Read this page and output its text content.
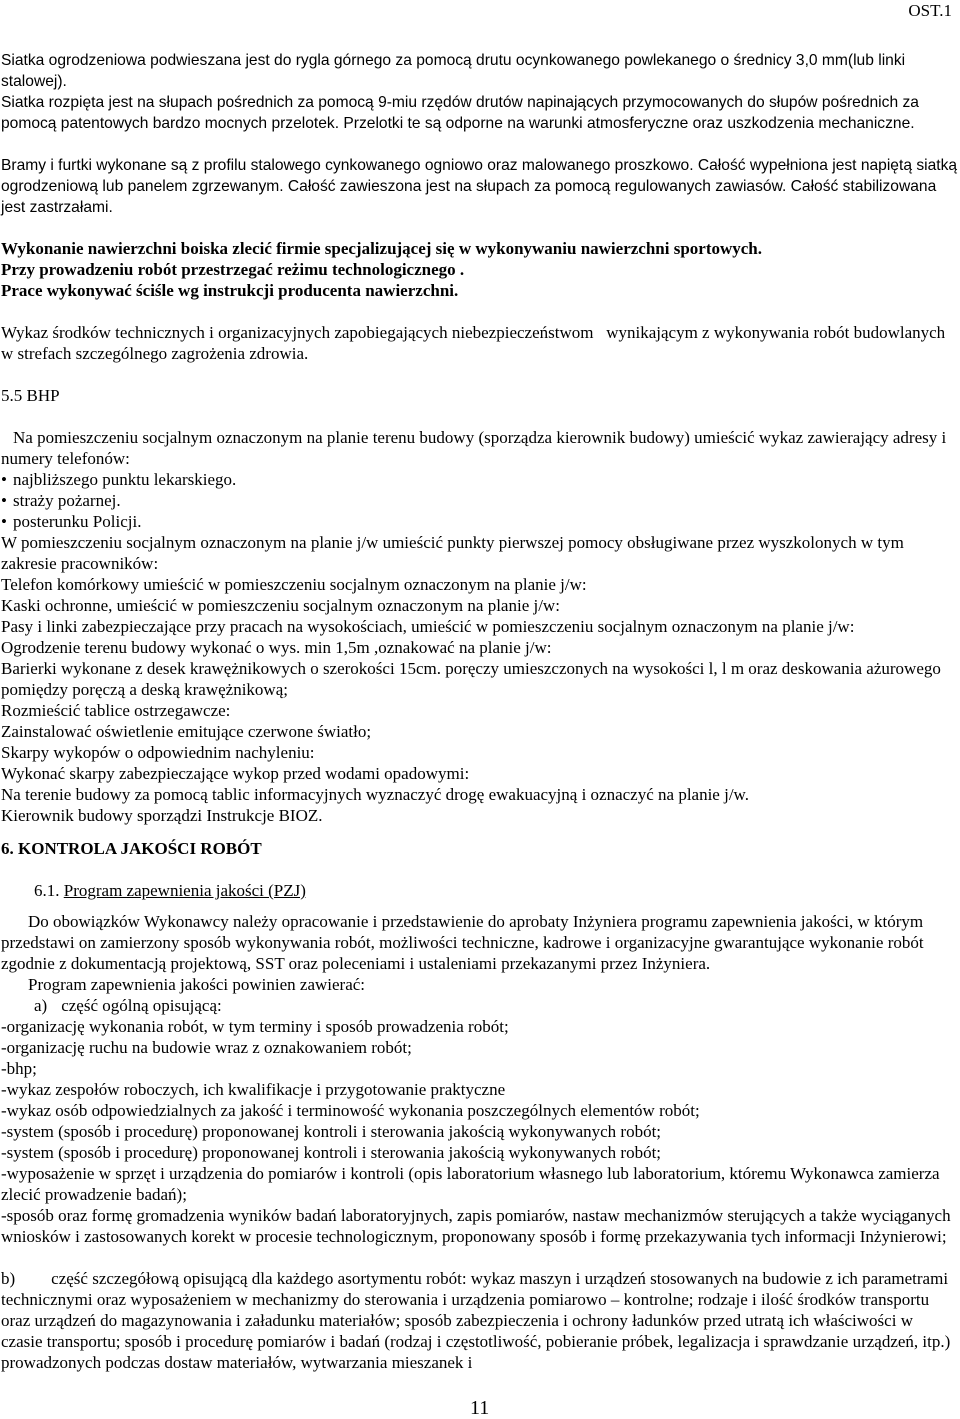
OST.1

Siatka ogrodzeniowa podwieszana jest do rygla górnego za pomocą drutu ocynkowanego powlekanego o średnicy 3,0 mm(lub linki stalowej).

Siatka rozpięta jest na słupach pośrednich za pomocą 9-miu rzędów drutów napinających przymocowanych do słupów pośrednich za pomocą patentowych bardzo mocnych przelotek. Przelotki te są odporne na warunki atmosferyczne oraz uszkodzenia mechaniczne.

Bramy i furtki wykonane są z profilu stalowego cynkowanego ogniowo oraz malowanego proszkowo. Całość wypełniona jest napiętą siatką ogrodzeniową lub panelem zgrzewanym. Całość zawieszona jest na słupach za pomocą regulowanych zawiasów. Całość stabilizowana jest zastrzałami.

Wykonanie nawierzchni boiska zlecić firmie specjalizującej się w wykonywaniu nawierzchni sportowych.
Przy prowadzeniu robót przestrzegać reżimu technologicznego .
Prace wykonywać ściśle wg instrukcji producenta nawierzchni.

Wykaz środków technicznych i organizacyjnych zapobiegających niebezpieczeństwom   wynikającym z wykonywania robót budowlanych  w strefach szczególnego zagrożenia zdrowia.

5.5 BHP
Na pomieszczeniu socjalnym oznaczonym na planie terenu budowy (sporządza kierownik budowy) umieścić wykaz zawierający adresy i numery telefonów:
• najbliższego punktu lekarskiego.
• straży pożarnej.
• posterunku Policji.
W pomieszczeniu socjalnym oznaczonym na planie j/w umieścić punkty pierwszej pomocy obsługiwane przez wyszkolonych w tym zakresie pracowników:
Telefon komórkowy umieścić w pomieszczeniu socjalnym oznaczonym na planie j/w:
Kaski ochronne, umieścić w pomieszczeniu socjalnym oznaczonym na planie j/w:
Pasy i linki zabezpieczające przy pracach na wysokościach, umieścić w pomieszczeniu socjalnym oznaczonym na planie j/w:
Ogrodzenie terenu budowy wykonać o wys. min 1,5m ,oznakować na planie j/w:
Barierki wykonane z desek krawężnikowych o szerokości 15cm. poręczy umieszczonych na wysokości l, l m oraz deskowania ażurowego pomiędzy poręczą a deską krawężnikową;
Rozmieścić tablice ostrzegawcze:
Zainstalować oświetlenie emitujące czerwone światło;
Skarpy wykopów o odpowiednim nachyleniu:
Wykonać skarpy zabezpieczające wykop przed wodami opadowymi:
Na terenie budowy za pomocą tablic informacyjnych wyznaczyć drogę ewakuacyjną i oznaczyć na planie j/w.
Kierownik budowy sporządzi Instrukcje BIOZ.
6. KONTROLA JAKOŚCI ROBÓT
6.1. Program zapewnienia jakości (PZJ)
Do obowiązków Wykonawcy należy opracowanie i przedstawienie do aprobaty Inżyniera programu zapewnienia jakości, w którym przedstawi on zamierzony sposób wykonywania robót, możliwości techniczne, kadrowe i organizacyjne gwarantujące wykonanie robót zgodnie z dokumentacją projektową, SST oraz poleceniami i ustaleniami przekazanymi przez Inżyniera.
Program zapewnienia jakości powinien zawierać:
a) część ogólną opisującą:
-organizację wykonania robót, w tym terminy i sposób prowadzenia robót;
-organizację ruchu na budowie wraz z oznakowaniem robót;
-bhp;
-wykaz zespołów roboczych, ich kwalifikacje i przygotowanie praktyczne
-wykaz osób odpowiedzialnych za jakość i terminowość wykonania poszczególnych elementów robót;
-system (sposób i procedurę) proponowanej kontroli i sterowania jakością wykonywanych robót;
-system (sposób i procedurę) proponowanej kontroli i sterowania jakością wykonywanych robót;
-wyposażenie w sprzęt i urządzenia do pomiarów i kontroli (opis laboratorium własnego lub laboratorium, któremu Wykonawca zamierza zlecić prowadzenie badań);
-sposób oraz formę gromadzenia wyników badań laboratoryjnych, zapis pomiarów, nastaw mechanizmów sterujących a także wyciąganych wniosków i zastosowanych korekt w procesie technologicznym, proponowany sposób i formę przekazywania tych informacji Inżynierowi;
b) część szczegółową opisującą dla każdego asortymentu robót: wykaz maszyn i urządzeń stosowanych na budowie z ich parametrami technicznymi oraz wyposażeniem w mechanizmy do sterowania i urządzenia pomiarowo – kontrolne; rodzaje i ilość środków transportu oraz urządzeń do magazynowania i załadunku materiałów; sposób zabezpieczenia i ochrony ładunków przed utratą ich właściwości w czasie transportu; sposób i procedurę pomiarów i badań (rodzaj i częstotliwość, pobieranie próbek, legalizacja i sprawdzanie urządzeń, itp.) prowadzonych podczas dostaw materiałów, wytwarzania mieszanek i
11
